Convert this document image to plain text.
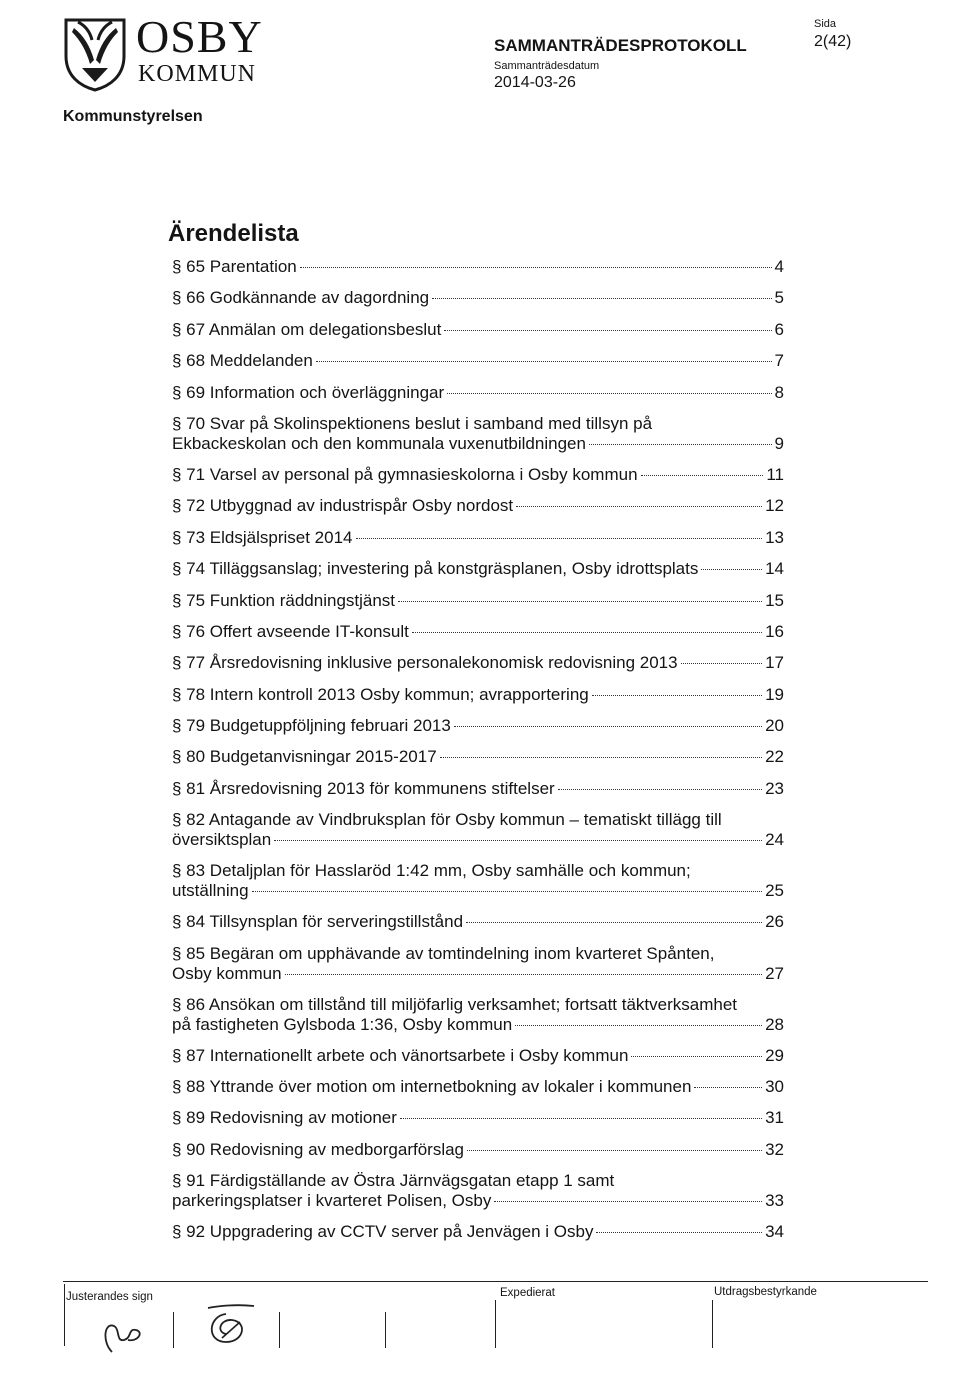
OSBY
KOMMUN
Kommunstyrelsen
SAMMANTRÄDESPROTOKOLL
Sammanträdesdatum
2014-03-26
Sida
2(42)
Ärendelista
§ 65 Parentation	4
§ 66 Godkännande av dagordning	5
§ 67 Anmälan om delegationsbeslut	6
§ 68 Meddelanden	7
§ 69 Information och överläggningar	8
§ 70 Svar på Skolinspektionens beslut i samband med tillsyn på
Ekbackeskolan och den kommunala vuxenutbildningen	9
§ 71 Varsel av personal på gymnasieskolorna i Osby kommun	11
§ 72 Utbyggnad av industrispår Osby nordost	12
§ 73 Eldsjälspriset 2014	13
§ 74 Tilläggsanslag; investering på konstgräsplanen, Osby idrottsplats	14
§ 75 Funktion räddningstjänst	15
§ 76 Offert avseende IT-konsult	16
§ 77 Årsredovisning inklusive personalekonomisk redovisning 2013	17
§ 78 Intern kontroll 2013 Osby kommun; avrapportering	19
§ 79 Budgetuppföljning februari 2013	20
§ 80 Budgetanvisningar 2015-2017	22
§ 81 Årsredovisning 2013 för kommunens stiftelser	23
§ 82 Antagande av Vindbruksplan för Osby kommun – tematiskt tillägg till
översiktsplan	24
§ 83 Detaljplan för Hasslaröd 1:42 mm, Osby samhälle och kommun;
utställning	25
§ 84 Tillsynsplan för serveringstillstånd	26
§ 85 Begäran om upphävande av tomtindelning inom kvarteret Spånten,
Osby kommun	27
§ 86 Ansökan om tillstånd till miljöfarlig verksamhet; fortsatt täktverksamhet
på fastigheten Gylsboda 1:36, Osby kommun	28
§ 87 Internationellt arbete och vänortsarbete i Osby kommun	29
§ 88 Yttrande över motion om internetbokning av lokaler i kommunen	30
§ 89 Redovisning av motioner	31
§ 90 Redovisning av medborgarförslag	32
§ 91 Färdigställande av Östra Järnvägsgatan etapp 1 samt
parkeringsplatser i kvarteret Polisen, Osby	33
§ 92 Uppgradering av CCTV server på Jenvägen i Osby	34
Justerandes sign	Expedierat	Utdragsbestyrkande
